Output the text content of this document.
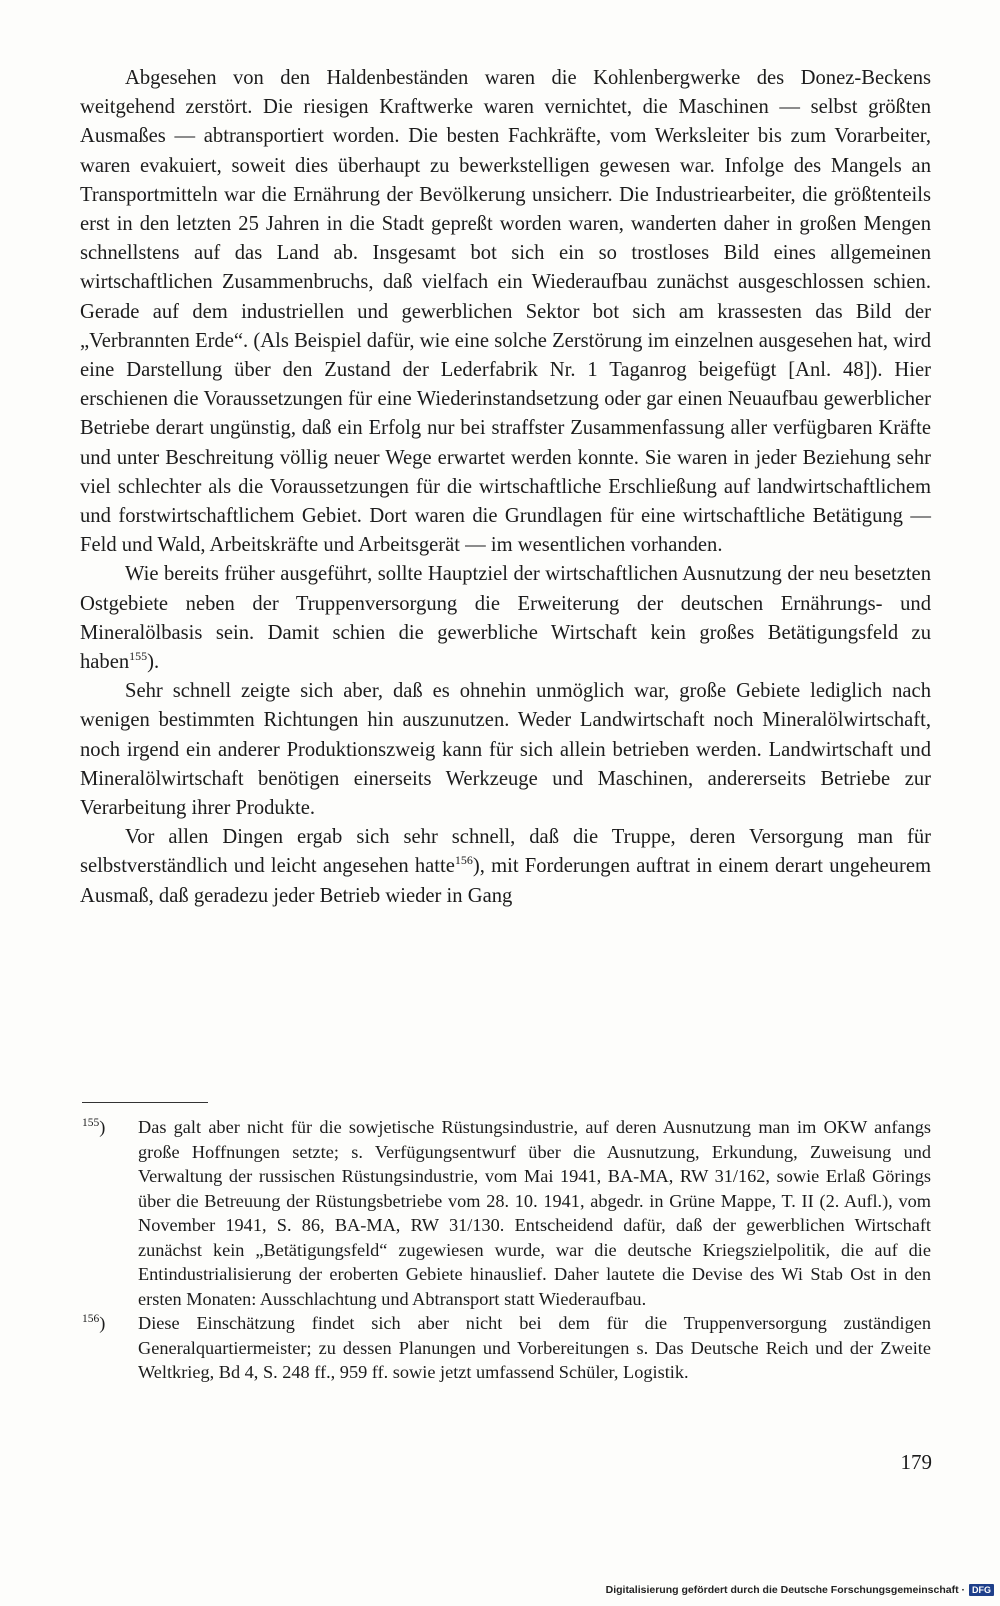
Abgesehen von den Haldenbeständen waren die Kohlenbergwerke des Donez-Beckens weitgehend zerstört. Die riesigen Kraftwerke waren vernichtet, die Maschinen — selbst größten Ausmaßes — abtransportiert worden. Die besten Fachkräfte, vom Werksleiter bis zum Vorarbeiter, waren evakuiert, soweit dies überhaupt zu bewerkstelligen gewesen war. Infolge des Mangels an Transportmitteln war die Ernährung der Bevölkerung unsicherr. Die Industriearbeiter, die größtenteils erst in den letzten 25 Jahren in die Stadt gepreßt worden waren, wanderten daher in großen Mengen schnellstens auf das Land ab. Insgesamt bot sich ein so trostloses Bild eines allgemeinen wirtschaftlichen Zusammenbruchs, daß vielfach ein Wiederaufbau zunächst ausgeschlossen schien. Gerade auf dem industriellen und gewerblichen Sektor bot sich am krassesten das Bild der „Verbrannten Erde“. (Als Beispiel dafür, wie eine solche Zerstörung im einzelnen ausgesehen hat, wird eine Darstellung über den Zustand der Lederfabrik Nr. 1 Taganrog beigefügt [Anl. 48]). Hier erschienen die Voraussetzungen für eine Wiederinstandsetzung oder gar einen Neuaufbau gewerblicher Betriebe derart ungünstig, daß ein Erfolg nur bei straffster Zusammenfassung aller verfügbaren Kräfte und unter Beschreitung völlig neuer Wege erwartet werden konnte. Sie waren in jeder Beziehung sehr viel schlechter als die Voraussetzungen für die wirtschaftliche Erschließung auf landwirtschaftlichem und forstwirtschaftlichem Gebiet. Dort waren die Grundlagen für eine wirtschaftliche Betätigung — Feld und Wald, Arbeitskräfte und Arbeitsgerät — im wesentlichen vorhanden.

Wie bereits früher ausgeführt, sollte Hauptziel der wirtschaftlichen Ausnutzung der neu besetzten Ostgebiete neben der Truppenversorgung die Erweiterung der deutschen Ernährungs- und Mineralölbasis sein. Damit schien die gewerbliche Wirtschaft kein großes Betätigungsfeld zu haben$^{155}$).

Sehr schnell zeigte sich aber, daß es ohnehin unmöglich war, große Gebiete lediglich nach wenigen bestimmten Richtungen hin auszunutzen. Weder Landwirtschaft noch Mineralölwirtschaft, noch irgend ein anderer Produktionszweig kann für sich allein betrieben werden. Landwirtschaft und Mineralölwirtschaft benötigen einerseits Werkzeuge und Maschinen, andererseits Betriebe zur Verarbeitung ihrer Produkte.

Vor allen Dingen ergab sich sehr schnell, daß die Truppe, deren Versorgung man für selbstverständlich und leicht angesehen hatte$^{156}$), mit Forderungen auftrat in einem derart ungeheurem Ausmaß, daß geradezu jeder Betrieb wieder in Gang

$^{155}$)	Das galt aber nicht für die sowjetische Rüstungsindustrie, auf deren Ausnutzung man im OKW anfangs große Hoffnungen setzte; s. Verfügungsentwurf über die Ausnutzung, Erkundung, Zuweisung und Verwaltung der russischen Rüstungsindustrie, vom Mai 1941, BA-MA, RW 31/162, sowie Erlaß Görings über die Betreuung der Rüstungsbetriebe vom 28. 10. 1941, abgedr. in Grüne Mappe, T. II (2. Aufl.), vom November 1941, S. 86, BA-MA, RW 31/130. Entscheidend dafür, daß der gewerblichen Wirtschaft zunächst kein „Betätigungsfeld“ zugewiesen wurde, war die deutsche Kriegszielpolitik, die auf die Entindustrialisierung der eroberten Gebiete hinauslief. Daher lautete die Devise des Wi Stab Ost in den ersten Monaten: Ausschlachtung und Abtransport statt Wiederaufbau.
$^{156}$)	Diese Einschätzung findet sich aber nicht bei dem für die Truppenversorgung zuständigen Generalquartiermeister; zu dessen Planungen und Vorbereitungen s. Das Deutsche Reich und der Zweite Weltkrieg, Bd 4, S. 248 ff., 959 ff. sowie jetzt umfassend Schüler, Logistik.
179
Digitalisierung gefördert durch die Deutsche Forschungsgemeinschaft · DFG
